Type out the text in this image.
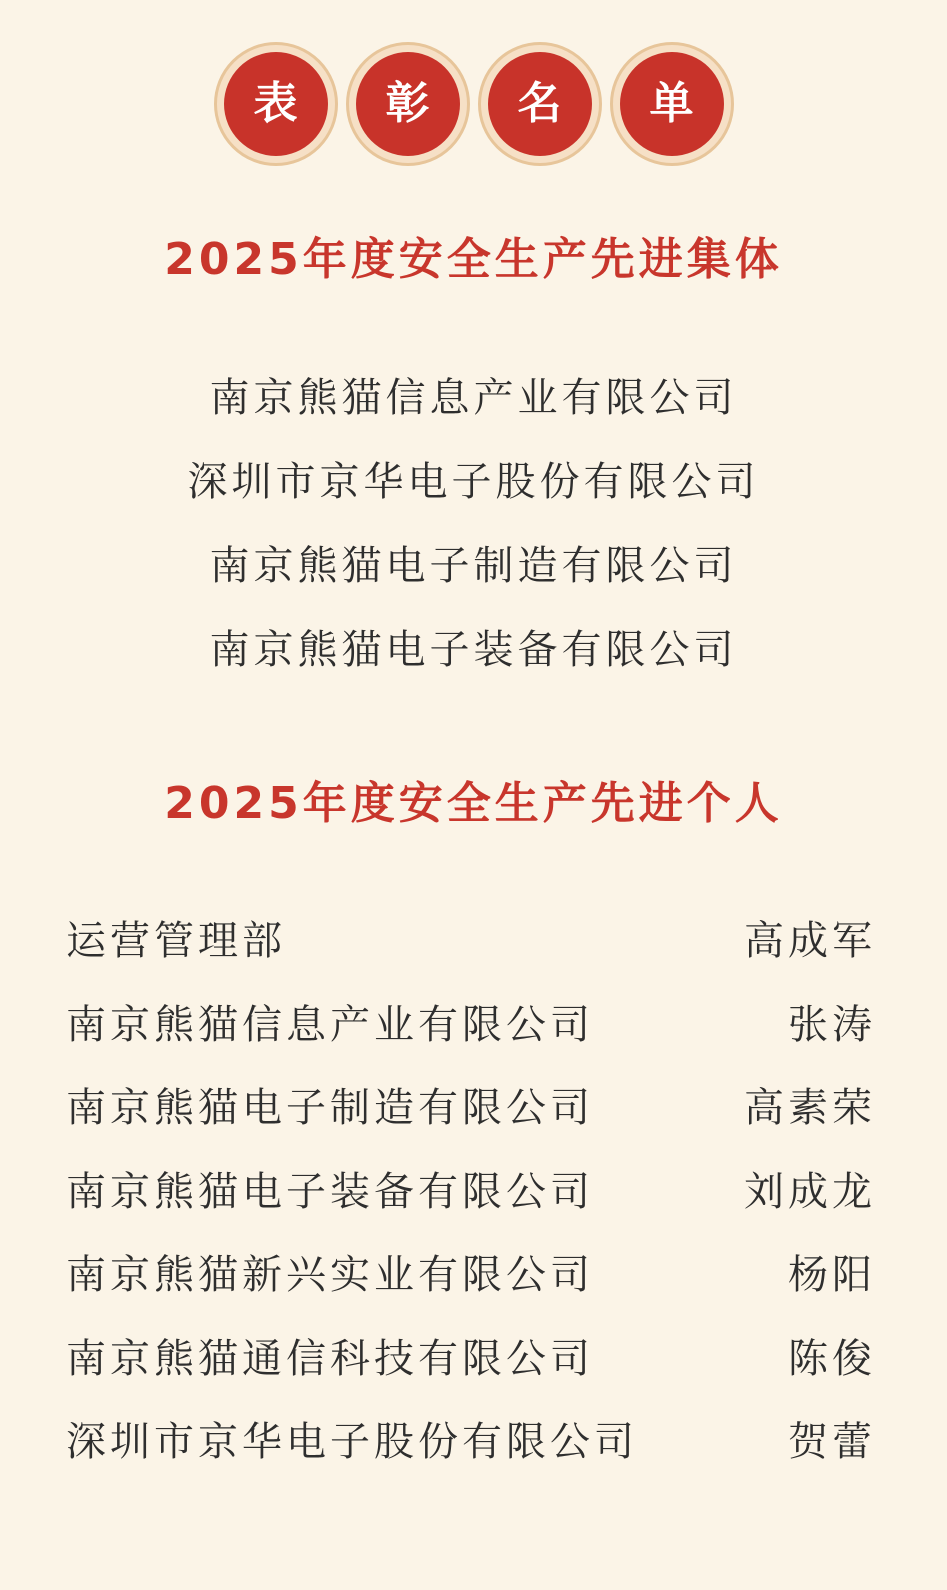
表	彰	名	单
2025年度安全生产先进集体
南京熊猫信息产业有限公司
深圳市京华电子股份有限公司
南京熊猫电子制造有限公司
南京熊猫电子装备有限公司
2025年度安全生产先进个人
运营管理部	高成军
南京熊猫信息产业有限公司	张涛
南京熊猫电子制造有限公司	高素荣
南京熊猫电子装备有限公司	刘成龙
南京熊猫新兴实业有限公司	杨阳
南京熊猫通信科技有限公司	陈俊
深圳市京华电子股份有限公司	贺蕾
